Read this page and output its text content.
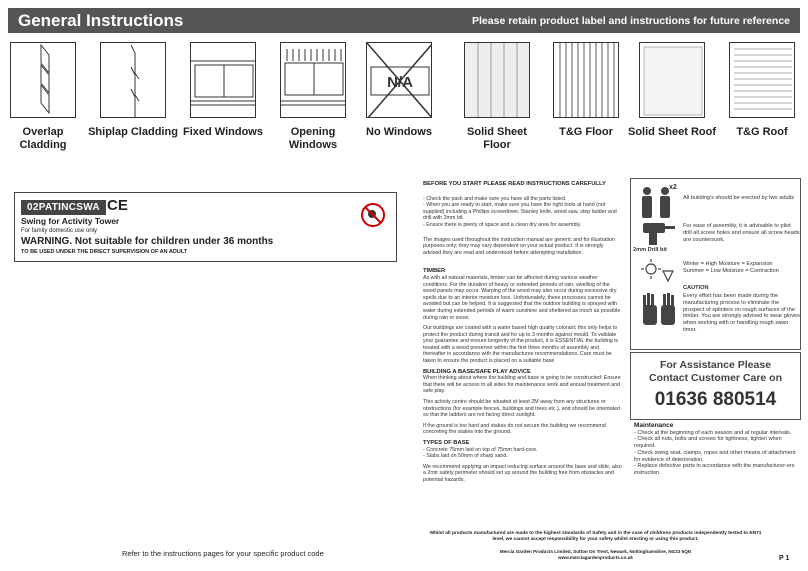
General Instructions	Please retain product label and instructions for future reference
Overlap Cladding
Shiplap Cladding Fixed Windows	Opening Windows
N/A
No Windows	Solid Sheet Floor
T&G Floor	Solid Sheet Roof	T&G Roof
02PATINCSWA CE
Swing for Activity Tower
For family domestic use only
WARNING. Not suitable for children under 36 months
TO BE USED UNDER THE DIRECT SUPERVISION OF AN ADULT
BEFORE YOU START PLEASE READ INSTRUCTIONS CAREFULLY

- Check the pack and make sure you have all the parts listed.
- When you are ready to start, make sure you have the right tools at hand (not supplied) including a Phillips screwdriver, Stanley knife, wood saw, step ladder and drill with 2mm bit.
- Ensure there is plenty of space and a clean dry area for assembly.

The images used throughout the instruction manual are generic and for illustration purposes only; they may vary dependent on your actual product. It is strongly advised they are read and understood before attempting installation.

TIMBER

As with all natural materials, timber can be affected during various weather conditions. For the duration of heavy or extended periods of rain, swelling of the wood panels may occur. Warping of the wood may also occur during excessive dry spells due to an interior moisture loss. Unfortunately, these processes cannot be avoided but can be helped. It is suggested that the outdoor building is sprayed with water during extended periods of warm sunshine and sheltered as much as possible during rain or snow.

Our buildings are coated with a water based high quality colorant; this only helps to protect the product during transit and for up to 3 months against mould. To validate your guarantee and ensure longevity of the product, it is ESSENTIAL the building is treated with a wood preserver within the first three months of assembly and thereafter in accordance with the manufactures recommendations. Care must be taken to ensure the product is placed on a suitable base

BUILDING A BASE/SAFE PLAY ADVICE

When thinking about where the building and base is going to be constructed: Ensure that there will be access to all sides for maintenance work and annual treatment and safe play.

This activity centre should be situated at least 2M away from any structures or obstructions (for example fences, buildings and trees etc.), and should be orientated so that the ladders are not facing direct sunlight.

If the ground is too hard and stakes do not secure the building we recommend concreting the stakes into the ground.

TYPES OF BASE

- Concrete 75mm laid on top of 75mm hard-core.
- Slabs laid on 50mm of sharp sand.

We recommend applying an impact reducing surface around the base and slide, also a 2mtr safety perimeter should set up around the building free from obstacles and potential hazards.

x2
All building's should be erected by two adults
2mm Drill bit
For ease of assembly, it is advisable to pilot drill all screw holes and ensure all screw heads are countersunk.
Winter = High Moisture = Expansion
Summer = Low Moisture = Contraction
CAUTION
Every effort has been made during the manufacturing process to eliminate the prospect of splinters on rough surfaces of the timber. You are strongly advised to wear gloves when working with or handling rough sawn timer.
For Assistance Please
Contact Customer Care on
01636 880514
Maintenance
- Check at the beginning of each season and at regular intervals.
- Check all nuts, bolts and screws for tightness, tighten when required.
- Check swing seat, clamps, ropes and other means of attachment for evidence of deterioration.
- Replace defective parts in accordance with the manufacturer-ers instruction.
Whilst all products manufactured are made to the highest standards of Safety and in the case of childrens products independently tested to EN71 level, we cannot accept responsibility for your safety whilst erecting or using this product.
Mercia Garden Products Limited, Sutton On Trent, Newark, Nottinghamshire, NG23 6QN
www.merciagardenproducts.co.uk
Refer to the instructions pages for your specific product code
P 1
